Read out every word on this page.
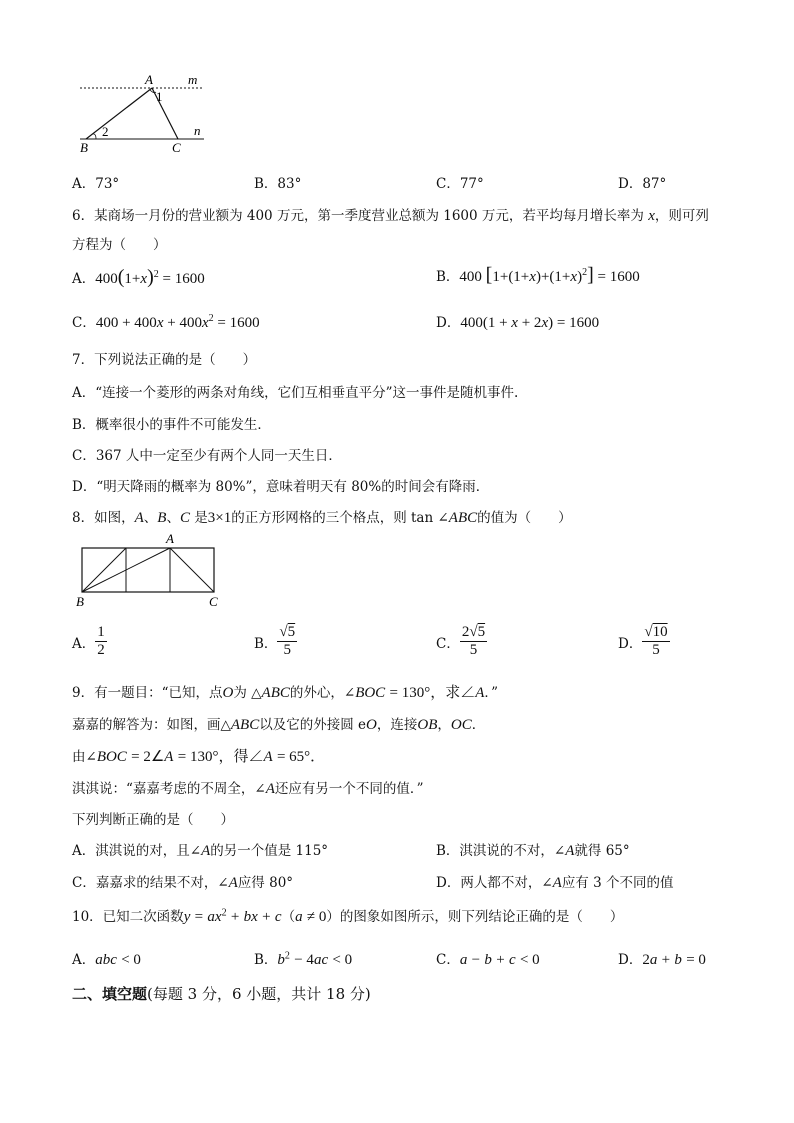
A	m
1
2	n
B	C
A．73°	B．83°	C．77°	D．87°
6．某商场一月份的营业额为 400 万元，第一季度营业总额为 1600 万元，若平均每月增长率为 x，则可列
方程为（　　）
A．$400(1+x)^2 = 1600$	B．400 $[1+(1+x)+(1+x)^2] = 1600$
C．$400 + 400x + 400x^2 = 1600$	D．400(1 + x + 2x) = 1600
7．下列说法正确的是（　　）
A．“连接一个菱形的两条对角线，它们互相垂直平分”这一事件是随机事件.
B．概率很小的事件不可能发生．
C．367 人中一定至少有两个人同一天生日．
D．“明天降雨的概率为 80%”，意味着明天有 80%的时间会有降雨．
8．如图，A、B、C 是3×1的正方形网格的三个格点，则 tan ∠ABC的值为（　　）
A
B	C
A． $\frac{1}{2}$	B． $\frac{√5}{5}$	C． $\frac{2√5}{5}$	D． $\frac{√10}{5}$
9．有一题目：“已知，点O为 △ABC的外心，∠BOC = 130°，求∠A．”
嘉嘉的解答为：如图，画△ABC以及它的外接圆 eO，连接OB，OC．
由∠BOC = 2∠A = 130°，得∠A = 65°．
淇淇说：“嘉嘉考虑的不周全，∠A还应有另一个不同的值．”
下列判断正确的是（　　）
A．淇淇说的对，且∠A的另一个值是 115°	B．淇淇说的不对，∠A就得 65°
C．嘉嘉求的结果不对，∠A应得 80°	D．两人都不对，∠A应有 3 个不同的值
10．已知二次函数$y = ax^2$ + bx + c（a ≠ 0）的图象如图所示，则下列结论正确的是（　　）
A．abc < 0	B．$b^2 - 4ac < 0$	C．a − b + c < 0	D．2a + b = 0
二、填空题(每题 3 分，6 小题，共计 18 分)
